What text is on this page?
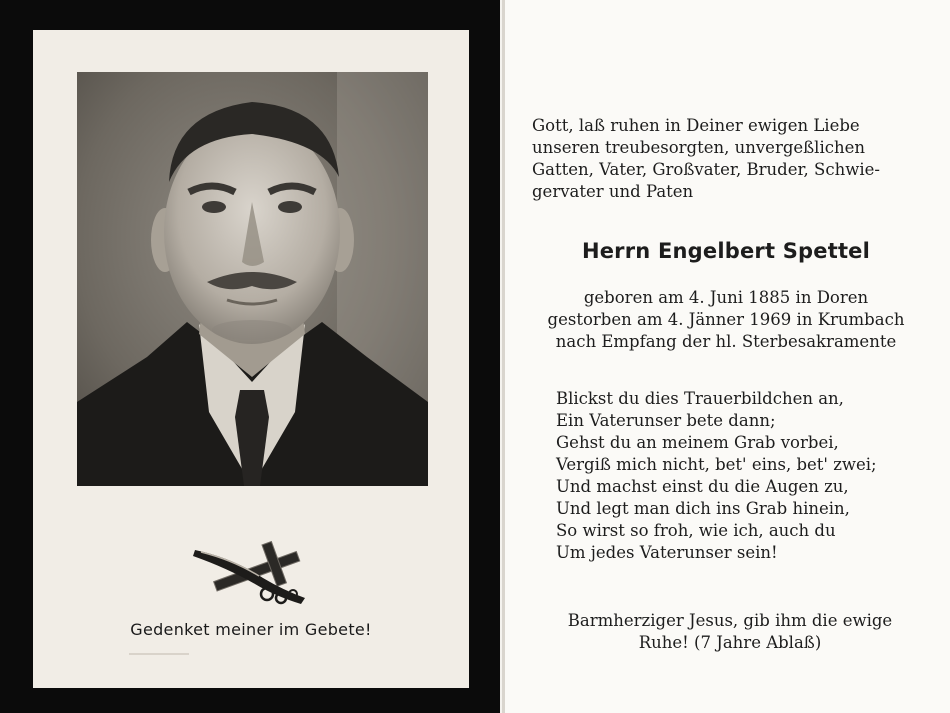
Gedenket meiner im Gebete!
Gott, laß ruhen in Deiner ewigen Liebe
unseren treubesorgten, unvergeßlichen
Gatten, Vater, Großvater, Bruder, Schwie-
gervater und Paten
Herrn Engelbert Spettel
geboren am 4. Juni 1885 in Doren
gestorben am 4. Jänner 1969 in Krumbach
nach Empfang der hl. Sterbesakramente
Blickst du dies Trauerbildchen an,
Ein Vaterunser bete dann;
Gehst du an meinem Grab vorbei,
Vergiß mich nicht, bet' eins, bet' zwei;
Und machst einst du die Augen zu,
Und legt man dich ins Grab hinein,
So wirst so froh, wie ich, auch du
Um jedes Vaterunser sein!
Barmherziger Jesus, gib ihm die ewige
Ruhe! (7 Jahre Ablaß)
